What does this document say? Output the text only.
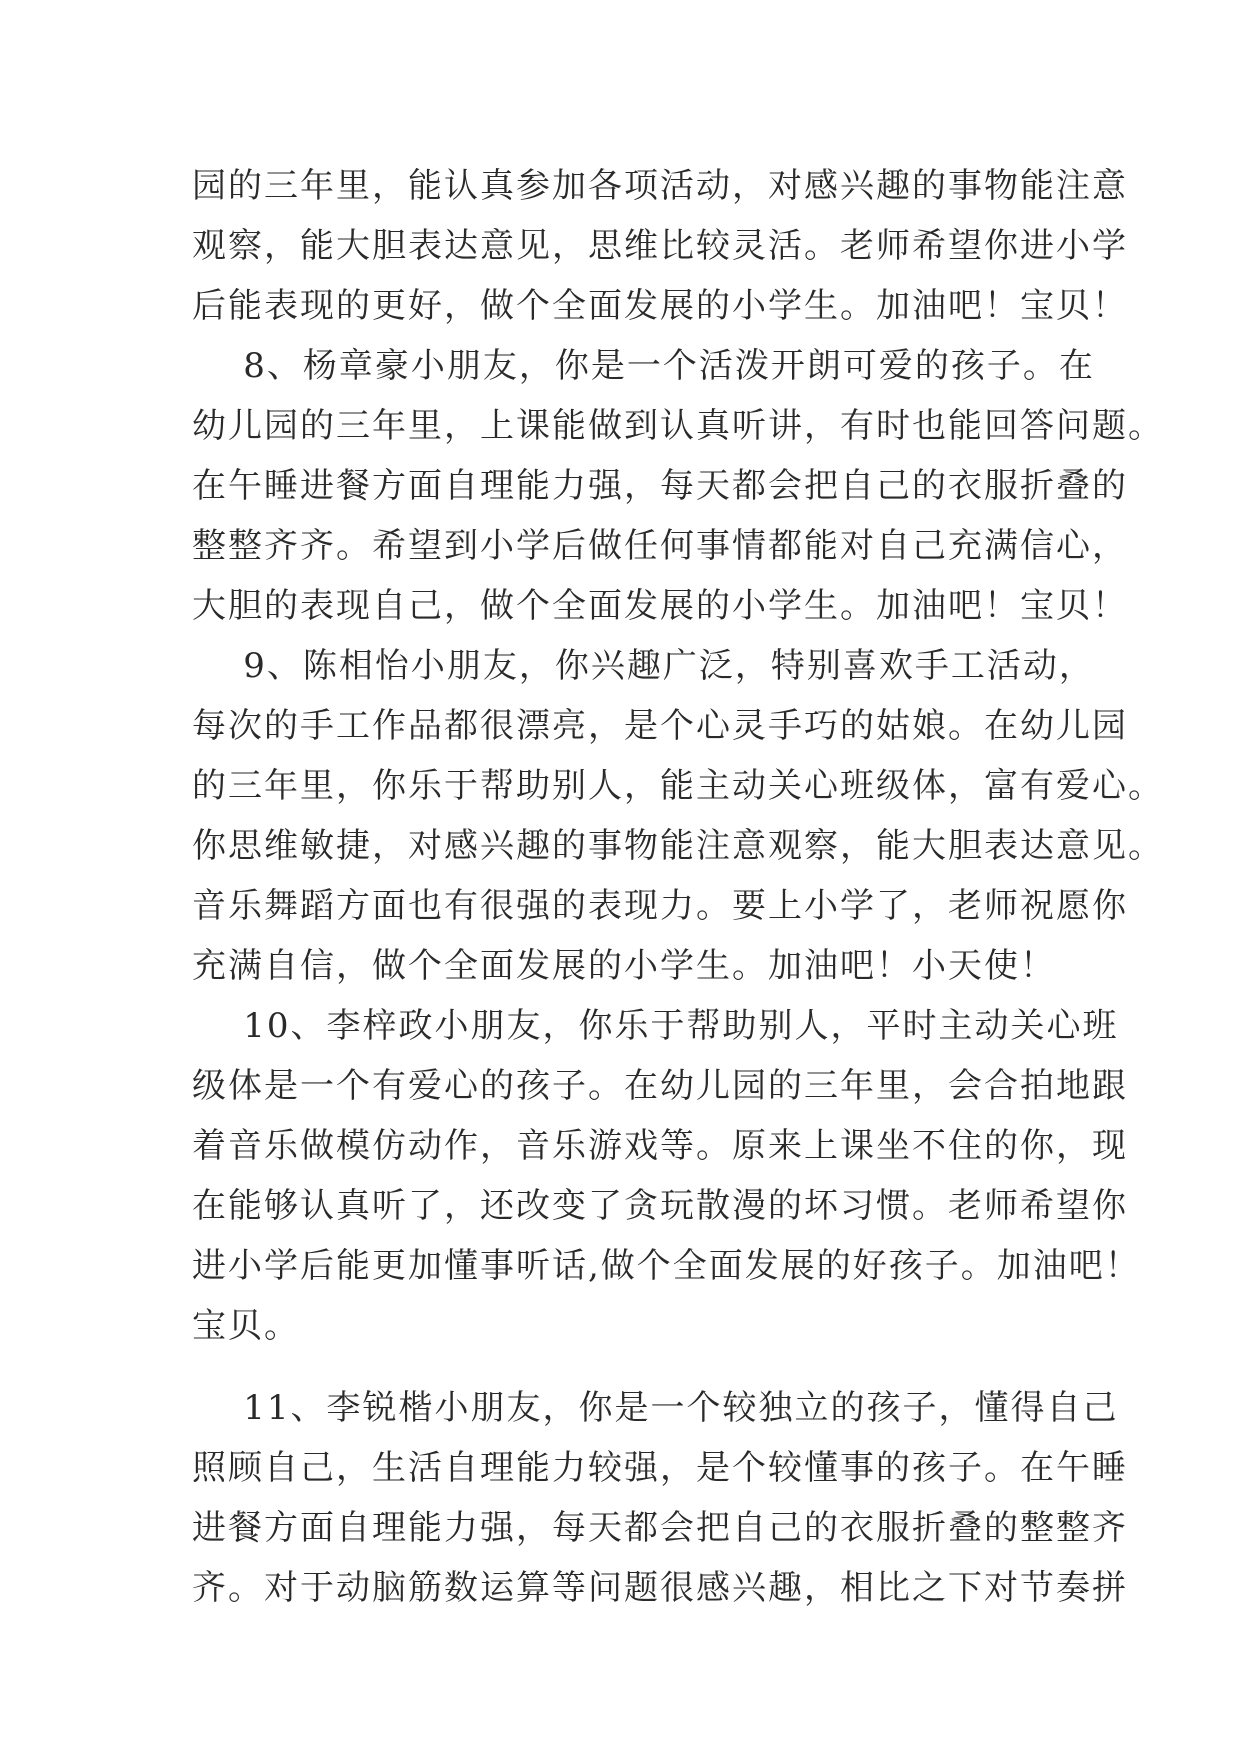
园的三年里，能认真参加各项活动，对感兴趣的事物能注意
观察，能大胆表达意见，思维比较灵活。老师希望你进小学
后能表现的更好，做个全面发展的小学生。加油吧！宝贝！
8、杨章豪小朋友，你是一个活泼开朗可爱的孩子。在
幼儿园的三年里，上课能做到认真听讲，有时也能回答问题。
在午睡进餐方面自理能力强，每天都会把自己的衣服折叠的
整整齐齐。希望到小学后做任何事情都能对自己充满信心，
大胆的表现自己，做个全面发展的小学生。加油吧！宝贝！
9、陈相怡小朋友，你兴趣广泛，特别喜欢手工活动，
每次的手工作品都很漂亮，是个心灵手巧的姑娘。在幼儿园
的三年里，你乐于帮助别人，能主动关心班级体，富有爱心。
你思维敏捷，对感兴趣的事物能注意观察，能大胆表达意见。
音乐舞蹈方面也有很强的表现力。要上小学了，老师祝愿你
充满自信，做个全面发展的小学生。加油吧！小天使！
10、李梓政小朋友，你乐于帮助别人，平时主动关心班
级体是一个有爱心的孩子。在幼儿园的三年里，会合拍地跟
着音乐做模仿动作，音乐游戏等。原来上课坐不住的你，现
在能够认真听了，还改变了贪玩散漫的坏习惯。老师希望你
进小学后能更加懂事听话,做个全面发展的好孩子。加油吧！
宝贝。
11、李锐楷小朋友，你是一个较独立的孩子，懂得自己
照顾自己，生活自理能力较强，是个较懂事的孩子。在午睡
进餐方面自理能力强，每天都会把自己的衣服折叠的整整齐
齐。对于动脑筋数运算等问题很感兴趣，相比之下对节奏拼
